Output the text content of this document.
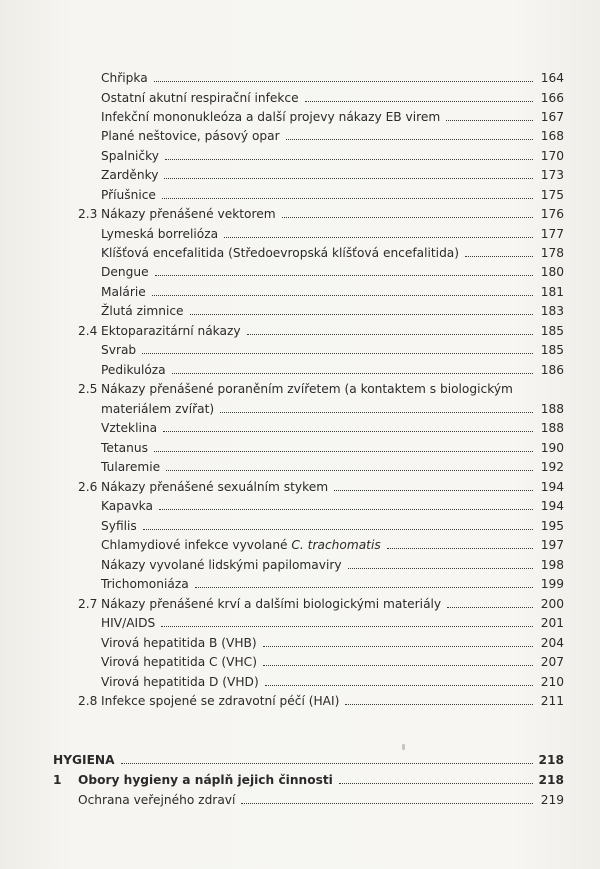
Chřipka	164
Ostatní akutní respirační infekce	166
Infekční mononukleóza a další projevy nákazy EB virem	167
Plané neštovice, pásový opar	168
Spalničky	170
Zarděnky	173
Příušnice	175
2.3 Nákazy přenášené vektorem	176
Lymeská borrelióza	177
Klíšťová encefalitida (Středoevropská klíšťová encefalitida)	178
Dengue	180
Malárie	181
Žlutá zimnice	183
2.4 Ektoparazitární nákazy	185
Svrab	185
Pedikulóza	186
2.5 Nákazy přenášené poraněním zvířetem (a kontaktem s biologickým
materiálem zvířat)	188
Vzteklina	188
Tetanus	190
Tularemie	192
2.6 Nákazy přenášené sexuálním stykem	194
Kapavka	194
Syfilis	195
Chlamydiové infekce vyvolané C. trachomatis	197
Nákazy vyvolané lidskými papilomaviry	198
Trichomoniáza	199
2.7 Nákazy přenášené krví a dalšími biologickými materiály	200
HIV/AIDS	201
Virová hepatitida B (VHB)	204
Virová hepatitida C (VHC)	207
Virová hepatitida D (VHD)	210
2.8 Infekce spojené se zdravotní péčí (HAI)	211
HYGIENA	218
1 Obory hygieny a náplň jejich činnosti	218
Ochrana veřejného zdraví	219
